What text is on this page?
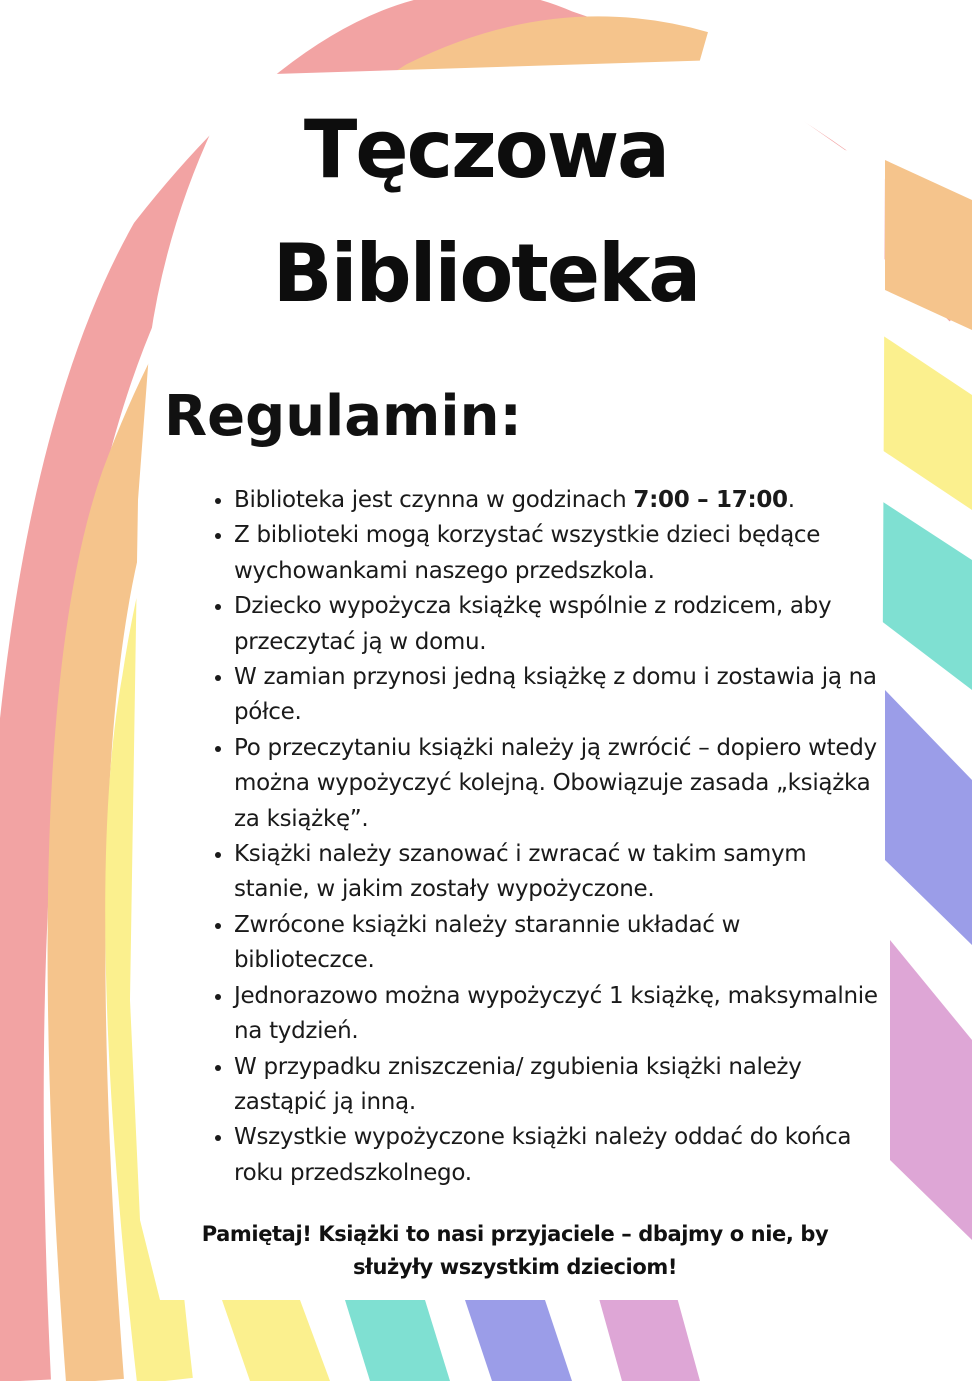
Tęczowa
Biblioteka
Regulamin:
• Biblioteka jest czynna w godzinach 7:00 – 17:00.
• Z biblioteki mogą korzystać wszystkie dzieci będące wychowankami naszego przedszkola.
• Dziecko wypożycza książkę wspólnie z rodzicem, aby przeczytać ją w domu.
• W zamian przynosi jedną książkę z domu i zostawia ją na półce.
• Po przeczytaniu książki należy ją zwrócić – dopiero wtedy można wypożyczyć kolejną. Obowiązuje zasada „książka za książkę”.
• Książki należy szanować i zwracać w takim samym stanie, w jakim zostały wypożyczone.
• Zwrócone książki należy starannie układać w biblioteczce.
• Jednorazowo można wypożyczyć 1 książkę, maksymalnie na tydzień.
• W przypadku zniszczenia/ zgubienia książki należy zastąpić ją inną.
• Wszystkie wypożyczone książki należy oddać do końca roku przedszkolnego.
Pamiętaj! Książki to nasi przyjaciele – dbajmy o nie, by
służyły wszystkim dzieciom!
